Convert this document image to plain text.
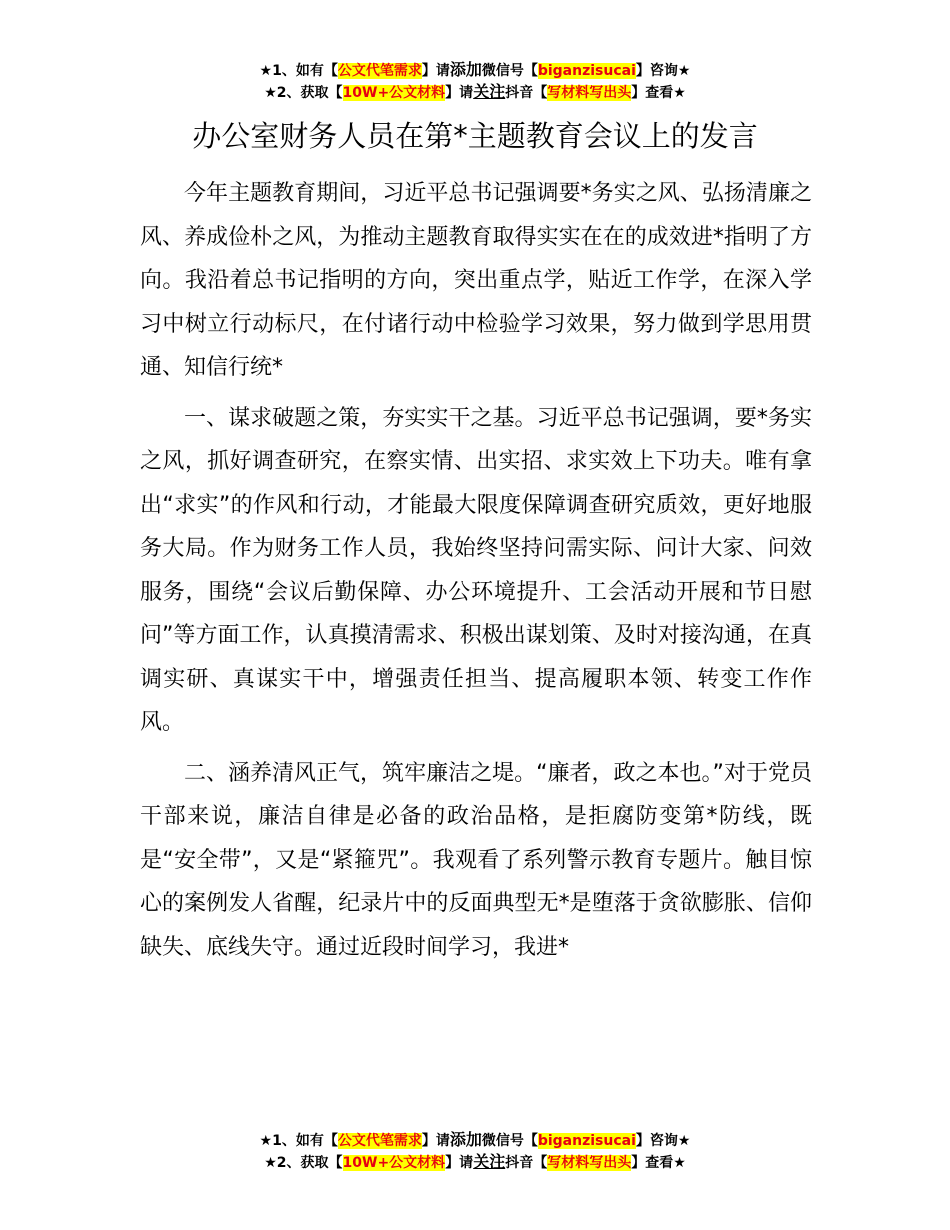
★1、如有【公文代笔需求】请添加微信号【biganzisucai】咨询★
★2、获取【10W+公文材料】请关注抖音【写材料写出头】查看★
办公室财务人员在第*主题教育会议上的发言

今年主题教育期间，习近平总书记强调要*务实之风、弘扬清廉之风、养成俭朴之风，为推动主题教育取得实实在在的成效进*指明了方向。我沿着总书记指明的方向，突出重点学，贴近工作学，在深入学习中树立行动标尺，在付诸行动中检验学习效果，努力做到学思用贯通、知信行统*

一、谋求破题之策，夯实实干之基。习近平总书记强调，要*务实之风，抓好调查研究，在察实情、出实招、求实效上下功夫。唯有拿出“求实”的作风和行动，才能最大限度保障调查研究质效，更好地服务大局。作为财务工作人员，我始终坚持问需实际、问计大家、问效服务，围绕“会议后勤保障、办公环境提升、工会活动开展和节日慰问”等方面工作，认真摸清需求、积极出谋划策、及时对接沟通，在真调实研、真谋实干中，增强责任担当、提高履职本领、转变工作作风。

二、涵养清风正气，筑牢廉洁之堤。“廉者，政之本也。”对于党员干部来说，廉洁自律是必备的政治品格，是拒腐防变第*防线，既是“安全带”，又是“紧箍咒”。我观看了系列警示教育专题片。触目惊心的案例发人省醒，纪录片中的反面典型无*是堕落于贪欲膨胀、信仰缺失、底线失守。通过近段时间学习，我进*

★1、如有【公文代笔需求】请添加微信号【biganzisucai】咨询★
★2、获取【10W+公文材料】请关注抖音【写材料写出头】查看★
